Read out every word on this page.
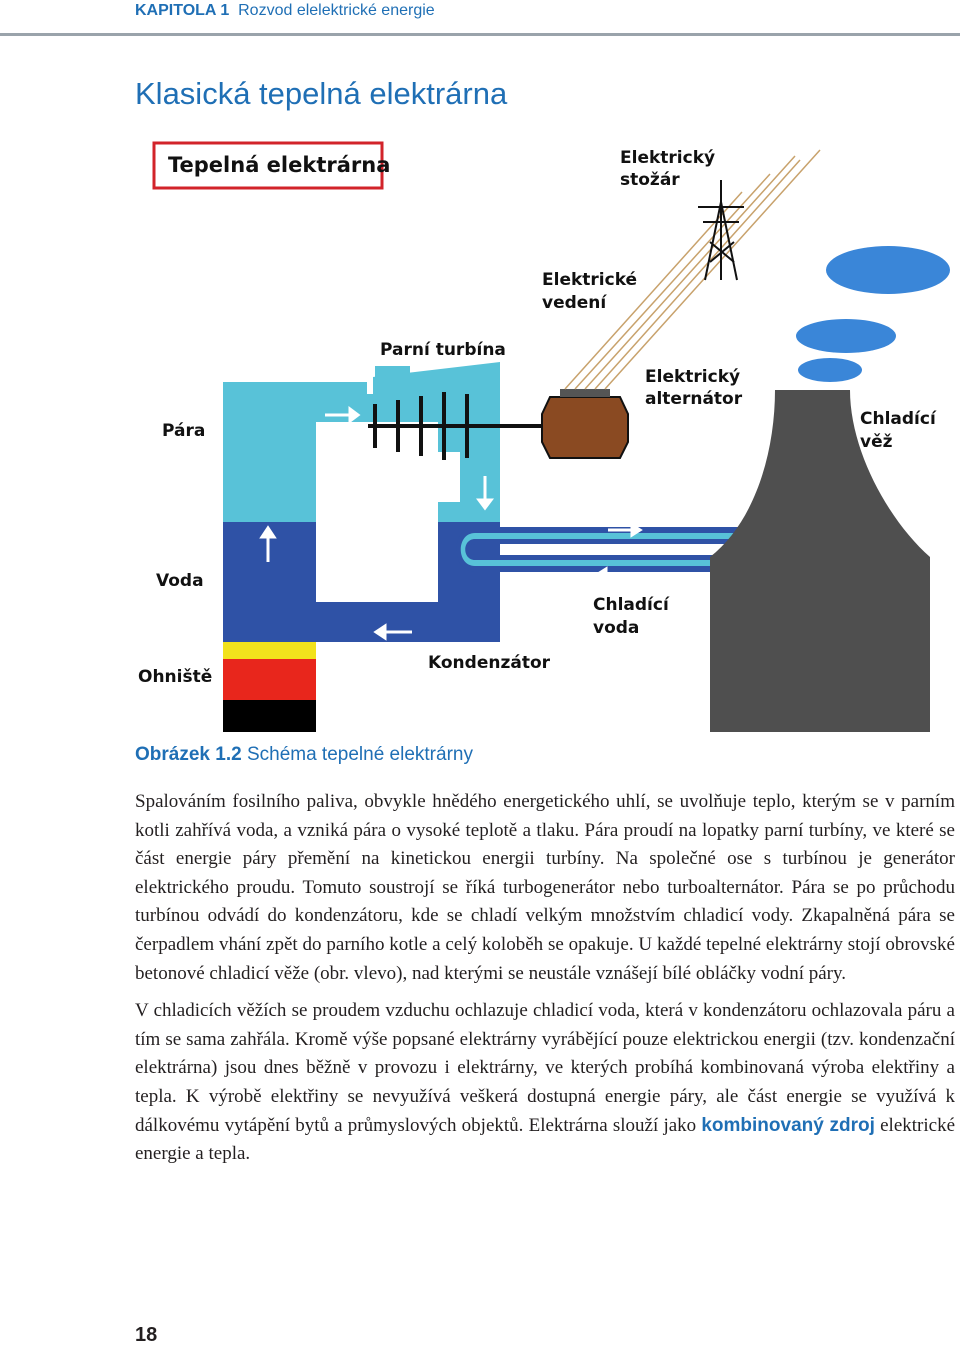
KAPITOLA 1 Rozvod elelektrické energie
Klasická tepelná elektrárna
Tepelná elektrárna	Elektrický
stožár
Elektrické
vedení
Parní turbína
Elektrický
alternátor
Pára
Chladící
věž
Voda
Chladící
voda
Ohniště
Kondenzátor
Obrázek 1.2 Schéma tepelné elektrárny

Spalováním fosilního paliva, obvykle hnědého energetického uhlí, se uvolňuje teplo, kterým se v parním kotli zahřívá voda, a vzniká pára o vysoké teplotě a tlaku. Pára proudí na lopatky parní turbíny, ve které se část energie páry přemění na kinetickou energii turbíny. Na společné ose s turbínou je generátor elektrického proudu. Tomuto soustrojí se říká turbogenerátor nebo turboalternátor. Pára se po průchodu turbínou odvádí do kondenzátoru, kde se chladí velkým množstvím chladicí vody. Zkapalněná pára se čerpadlem vhání zpět do parního kotle a celý koloběh se opakuje. U každé tepelné elektrárny stojí obrovské betonové chladicí věže (obr. vlevo), nad kterými se neustále vznášejí bílé obláčky vodní páry.

V chladicích věžích se proudem vzduchu ochlazuje chladicí voda, která v kondenzátoru ochlazovala páru a tím se sama zahřála. Kromě výše popsané elektrárny vyrábějící pouze elektrickou energii (tzv. kondenzační elektrárna) jsou dnes běžně v provozu i elektrárny, ve kterých probíhá kombinovaná výroba elektřiny a tepla. K výrobě elektřiny se nevyužívá veškerá dostupná energie páry, ale část energie se využívá k dálkovému vytápění bytů a průmyslových objektů. Elektrárna slouží jako kombinovaný zdroj elektrické energie a tepla.

18
